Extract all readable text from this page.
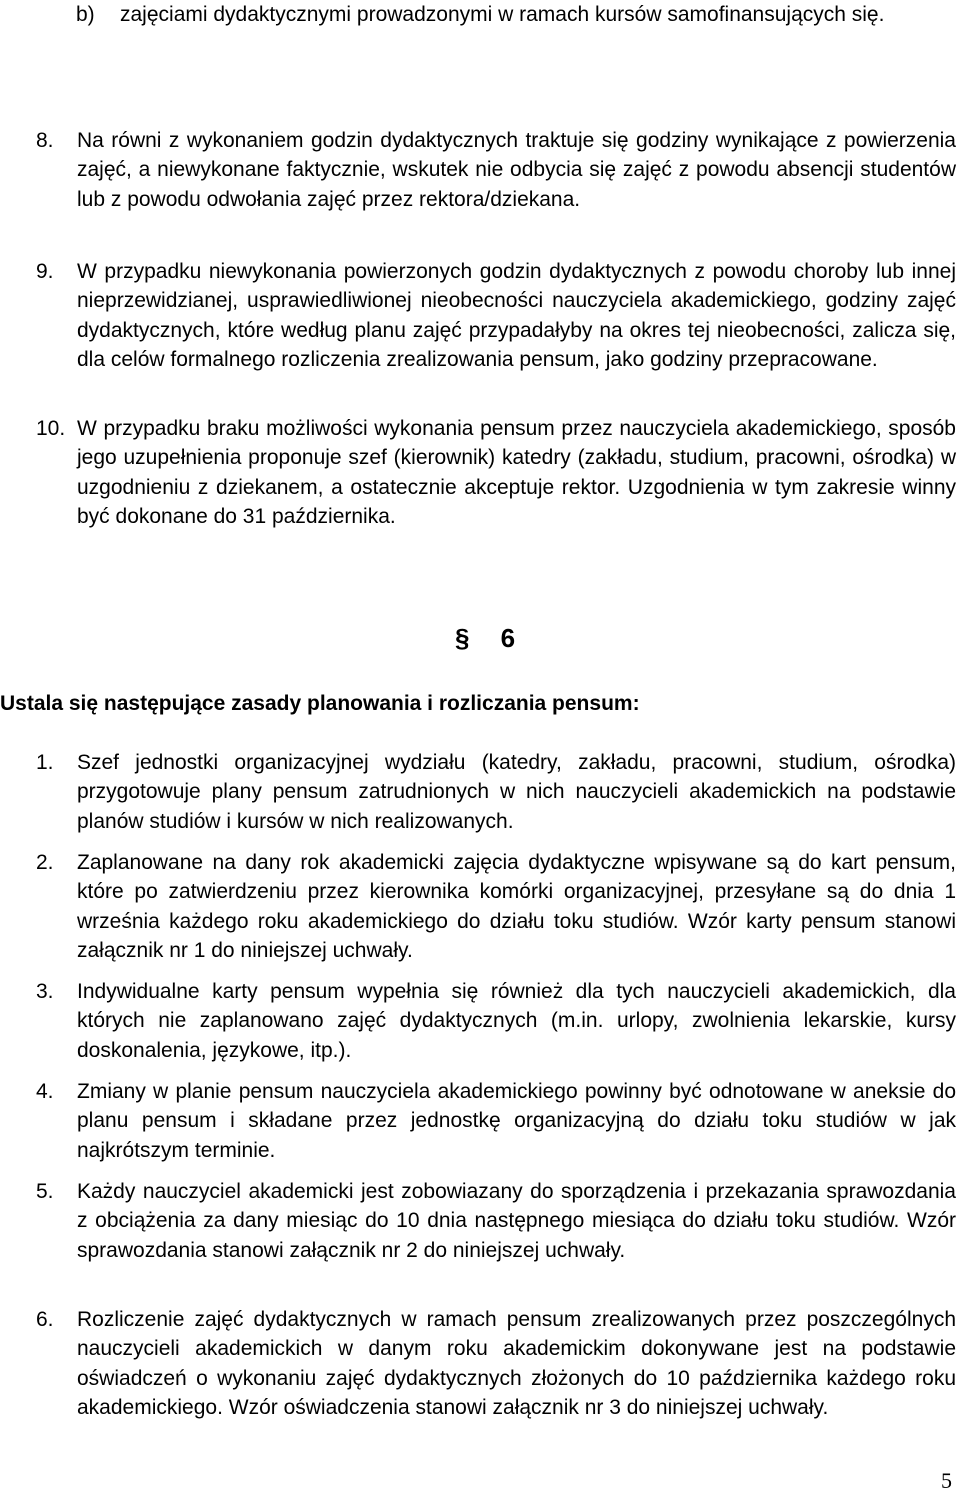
b)	zajęciami dydaktycznymi prowadzonymi w ramach kursów samofinansujących się.
8.	Na równi z wykonaniem godzin dydaktycznych traktuje się godziny wynikające z powierzenia zajęć, a niewykonane faktycznie, wskutek nie odbycia się zajęć z powodu absencji studentów lub z powodu odwołania zajęć przez rektora/dziekana.
9.	W przypadku niewykonania powierzonych godzin dydaktycznych z powodu choroby lub innej nieprzewidzianej, usprawiedliwionej nieobecności nauczyciela akademickiego, godziny zajęć dydaktycznych, które według planu zajęć przypadałyby na okres tej nieobecności, zalicza się, dla celów formalnego rozliczenia zrealizowania pensum, jako godziny przepracowane.
10. W przypadku braku możliwości wykonania pensum przez nauczyciela akademickiego, sposób jego uzupełnienia proponuje szef (kierownik) katedry (zakładu, studium, pracowni, ośrodka) w uzgodnieniu z dziekanem, a ostatecznie akceptuje rektor. Uzgodnienia w tym zakresie winny być dokonane do 31 października.
§ 6
Ustala się następujące zasady planowania i rozliczania pensum:
1.	Szef jednostki organizacyjnej wydziału (katedry, zakładu, pracowni, studium, ośrodka) przygotowuje plany pensum zatrudnionych w nich nauczycieli akademickich na podstawie planów studiów i kursów w nich realizowanych.
2.	Zaplanowane na dany rok akademicki zajęcia dydaktyczne wpisywane są do kart pensum, które po zatwierdzeniu przez kierownika komórki organizacyjnej, przesyłane są do dnia 1 września każdego roku akademickiego do działu toku studiów. Wzór karty pensum stanowi załącznik nr 1 do niniejszej uchwały.
3.	Indywidualne karty pensum wypełnia się również dla tych nauczycieli akademickich, dla których nie zaplanowano zajęć dydaktycznych (m.in. urlopy, zwolnienia lekarskie, kursy doskonalenia, językowe, itp.).
4.	Zmiany w planie pensum nauczyciela akademickiego powinny być odnotowane w aneksie do planu pensum i składane przez jednostkę organizacyjną do działu toku studiów w jak najkrótszym terminie.
5.	Każdy nauczyciel akademicki jest zobowiazany do sporządzenia i przekazania sprawozdania z obciążenia za dany miesiąc do 10 dnia następnego miesiąca do działu toku studiów. Wzór sprawozdania stanowi załącznik nr 2 do niniejszej uchwały.
6.	Rozliczenie zajęć dydaktycznych w ramach pensum zrealizowanych przez poszczególnych nauczycieli akademickich w danym roku akademickim dokonywane jest na podstawie oświadczeń o wykonaniu zajęć dydaktycznych złożonych do 10 października każdego roku akademickiego. Wzór oświadczenia stanowi załącznik nr 3 do niniejszej uchwały.
5
